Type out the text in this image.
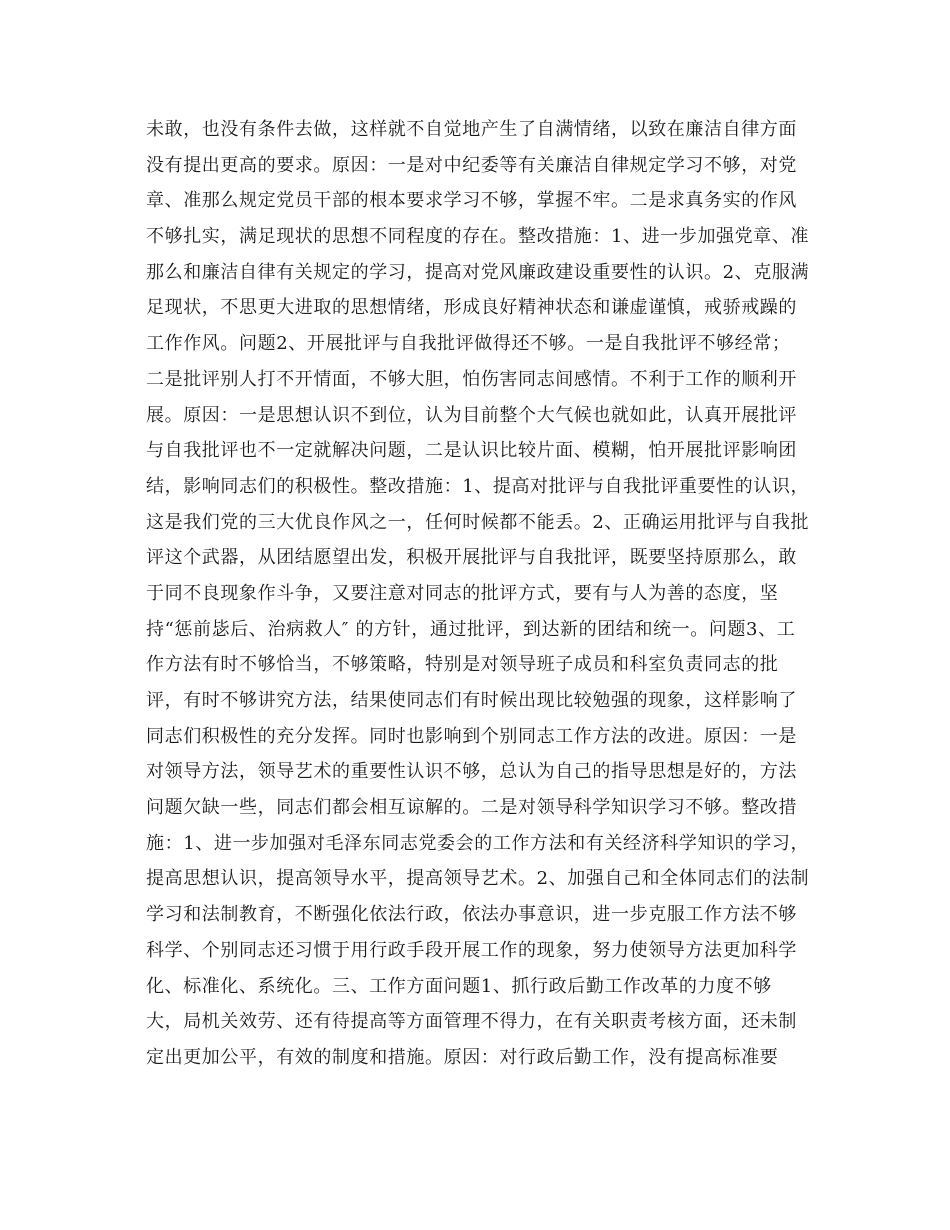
未敢，也没有条件去做，这样就不自觉地产生了自满情绪，以致在廉洁自律方面
没有提出更高的要求。原因：一是对中纪委等有关廉洁自律规定学习不够，对党
章、准那么规定党员干部的根本要求学习不够，掌握不牢。二是求真务实的作风
不够扎实，满足现状的思想不同程度的存在。整改措施：1、进一步加强党章、准
那么和廉洁自律有关规定的学习，提高对党风廉政建设重要性的认识。2、克服满
足现状，不思更大进取的思想情绪，形成良好精神状态和谦虚谨慎，戒骄戒躁的
工作作风。问题2、开展批评与自我批评做得还不够。一是自我批评不够经常；
二是批评别人打不开情面，不够大胆，怕伤害同志间感情。不利于工作的顺利开
展。原因：一是思想认识不到位，认为目前整个大气候也就如此，认真开展批评
与自我批评也不一定就解决问题，二是认识比较片面、模糊，怕开展批评影响团
结，影响同志们的积极性。整改措施：1、提高对批评与自我批评重要性的认识，
这是我们党的三大优良作风之一，任何时候都不能丢。2、正确运用批评与自我批
评这个武器，从团结愿望出发，积极开展批评与自我批评，既要坚持原那么，敢
于同不良现象作斗争，又要注意对同志的批评方式，要有与人为善的态度，坚
持“惩前毖后、治病救人″ 的方针，通过批评，到达新的团结和统一。问题3、工
作方法有时不够恰当，不够策略，特别是对领导班子成员和科室负责同志的批
评，有时不够讲究方法，结果使同志们有时候出现比较勉强的现象，这样影响了
同志们积极性的充分发挥。同时也影响到个别同志工作方法的改进。原因：一是
对领导方法，领导艺术的重要性认识不够，总认为自己的指导思想是好的，方法
问题欠缺一些，同志们都会相互谅解的。二是对领导科学知识学习不够。整改措
施：1、进一步加强对毛泽东同志党委会的工作方法和有关经济科学知识的学习，
提高思想认识，提高领导水平，提高领导艺术。2、加强自己和全体同志们的法制
学习和法制教育，不断强化依法行政，依法办事意识，进一步克服工作方法不够
科学、个别同志还习惯于用行政手段开展工作的现象，努力使领导方法更加科学
化、标准化、系统化。三、工作方面问题1、抓行政后勤工作改革的力度不够
大，局机关效劳、还有待提高等方面管理不得力，在有关职责考核方面，还未制
定出更加公平，有效的制度和措施。原因：对行政后勤工作，没有提高标准要
